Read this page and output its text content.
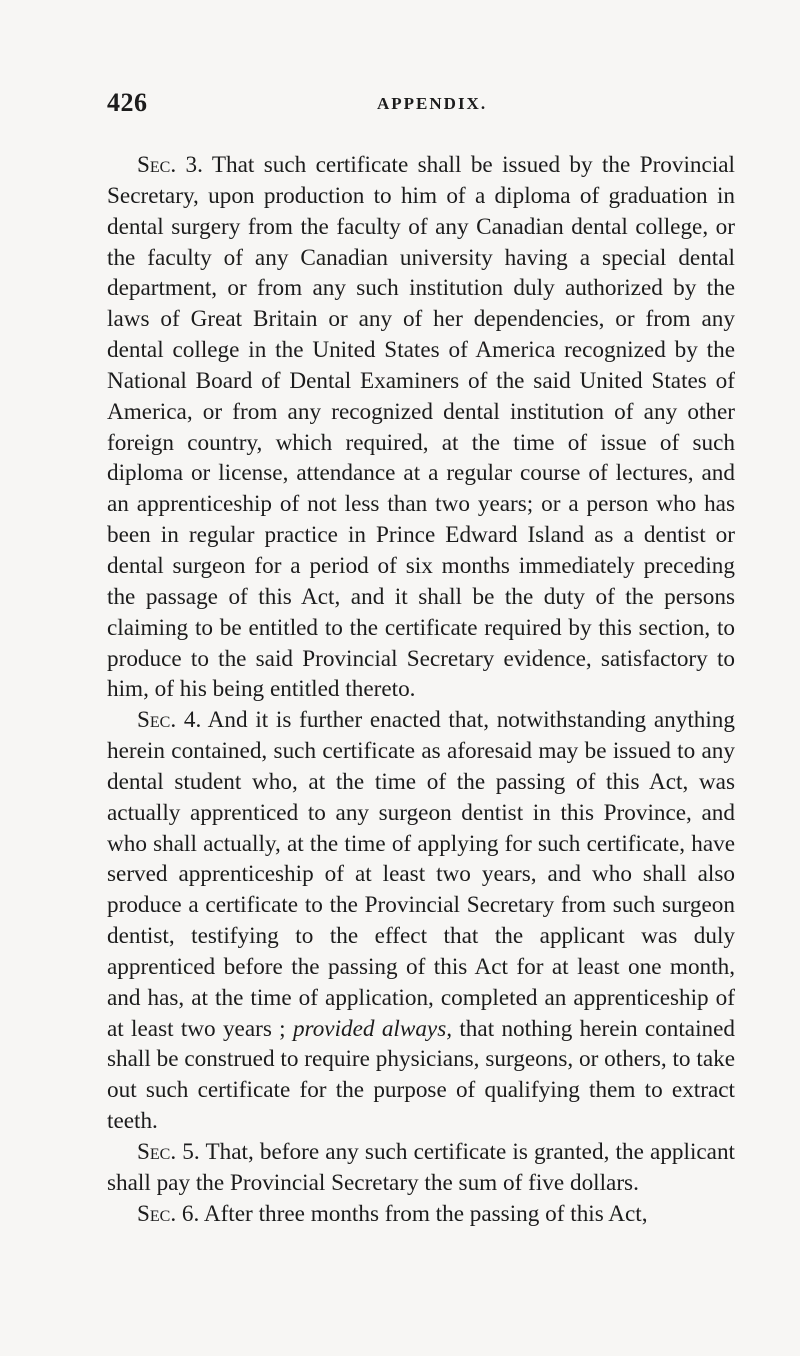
426	APPENDIX.

Sec. 3. That such certificate shall be issued by the Provincial Secretary, upon production to him of a diploma of graduation in dental surgery from the faculty of any Canadian dental college, or the faculty of any Canadian university having a special dental department, or from any such institution duly authorized by the laws of Great Britain or any of her dependencies, or from any dental college in the United States of America recognized by the National Board of Dental Examiners of the said United States of America, or from any recognized dental institution of any other foreign country, which required, at the time of issue of such diploma or license, attendance at a regular course of lectures, and an apprenticeship of not less than two years; or a person who has been in regular practice in Prince Edward Island as a dentist or dental surgeon for a period of six months immediately preceding the passage of this Act, and it shall be the duty of the persons claiming to be entitled to the certificate required by this section, to produce to the said Provincial Secretary evidence, satisfactory to him, of his being entitled thereto.

Sec. 4. And it is further enacted that, notwithstanding anything herein contained, such certificate as aforesaid may be issued to any dental student who, at the time of the passing of this Act, was actually apprenticed to any surgeon dentist in this Province, and who shall actually, at the time of applying for such certificate, have served apprenticeship of at least two years, and who shall also produce a certificate to the Provincial Secretary from such surgeon dentist, testifying to the effect that the applicant was duly apprenticed before the passing of this Act for at least one month, and has, at the time of application, completed an apprenticeship of at least two years ; provided always, that nothing herein contained shall be construed to require physicians, surgeons, or others, to take out such certificate for the purpose of qualifying them to extract teeth.

Sec. 5. That, before any such certificate is granted, the applicant shall pay the Provincial Secretary the sum of five dollars.

Sec. 6. After three months from the passing of this Act,
